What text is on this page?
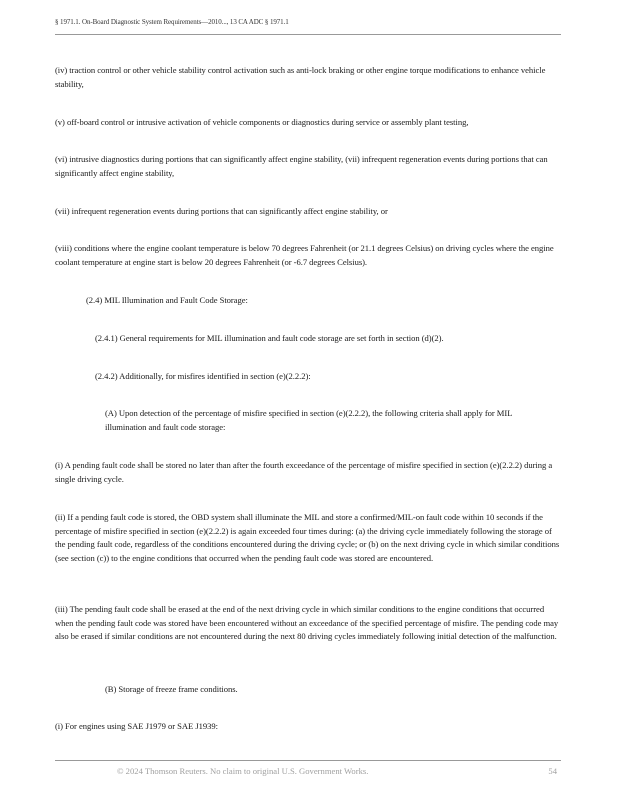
§ 1971.1. On-Board Diagnostic System Requirements—2010..., 13 CA ADC § 1971.1

(iv) traction control or other vehicle stability control activation such as anti-lock braking or other engine torque modifications to enhance vehicle stability,

(v) off-board control or intrusive activation of vehicle components or diagnostics during service or assembly plant testing,

(vi) intrusive diagnostics during portions that can significantly affect engine stability, (vii) infrequent regeneration events during portions that can significantly affect engine stability,

(vii) infrequent regeneration events during portions that can significantly affect engine stability, or

(viii) conditions where the engine coolant temperature is below 70 degrees Fahrenheit (or 21.1 degrees Celsius) on driving cycles where the engine coolant temperature at engine start is below 20 degrees Fahrenheit (or -6.7 degrees Celsius).

(2.4) MIL Illumination and Fault Code Storage:

(2.4.1) General requirements for MIL illumination and fault code storage are set forth in section (d)(2).

(2.4.2) Additionally, for misfires identified in section (e)(2.2.2):

(A) Upon detection of the percentage of misfire specified in section (e)(2.2.2), the following criteria shall apply for MIL illumination and fault code storage:

(i) A pending fault code shall be stored no later than after the fourth exceedance of the percentage of misfire specified in section (e)(2.2.2) during a single driving cycle.

(ii) If a pending fault code is stored, the OBD system shall illuminate the MIL and store a confirmed/MIL-on fault code within 10 seconds if the percentage of misfire specified in section (e)(2.2.2) is again exceeded four times during: (a) the driving cycle immediately following the storage of the pending fault code, regardless of the conditions encountered during the driving cycle; or (b) on the next driving cycle in which similar conditions (see section (c)) to the engine conditions that occurred when the pending fault code was stored are encountered.

(iii) The pending fault code shall be erased at the end of the next driving cycle in which similar conditions to the engine conditions that occurred when the pending fault code was stored have been encountered without an exceedance of the specified percentage of misfire. The pending code may also be erased if similar conditions are not encountered during the next 80 driving cycles immediately following initial detection of the malfunction.

(B) Storage of freeze frame conditions.

(i) For engines using SAE J1979 or SAE J1939:

© 2024 Thomson Reuters. No claim to original U.S. Government Works.	54
